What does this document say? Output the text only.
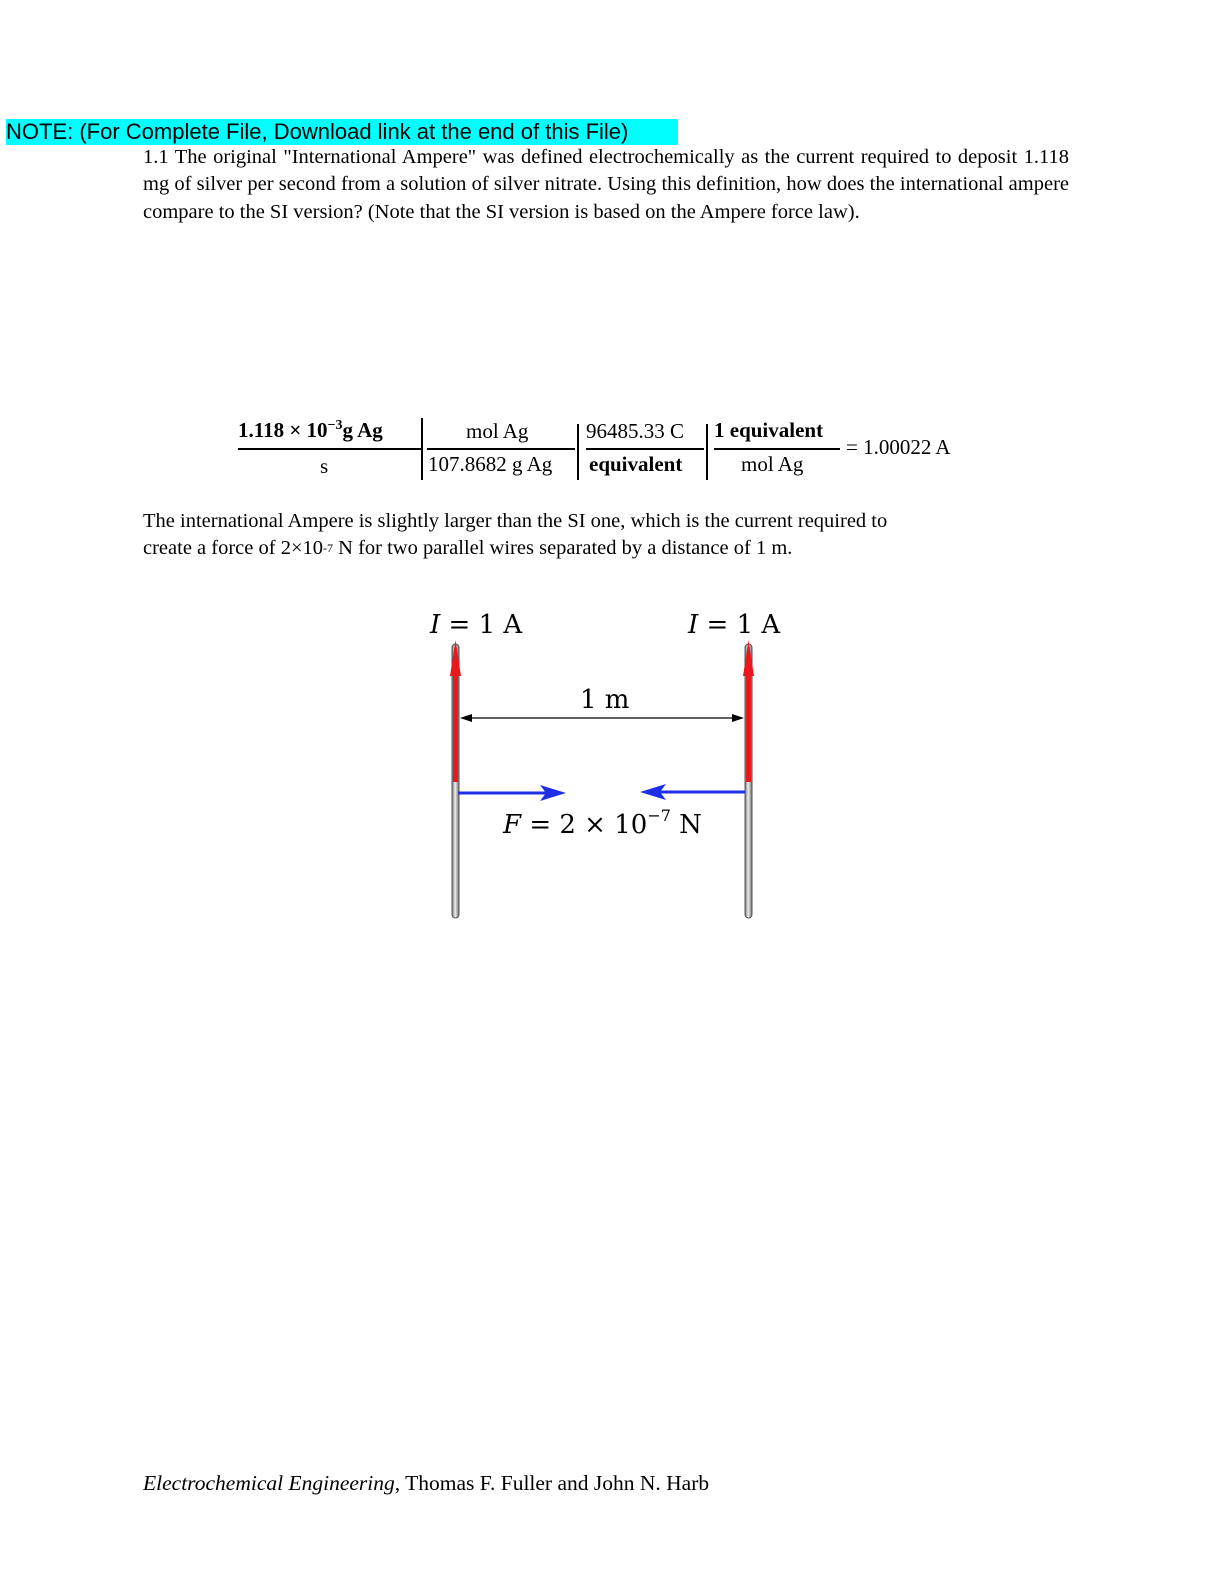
NOTE: (For Complete File, Download link at the end of this File)
1.1 The original "International Ampere" was defined electrochemically as the current required to deposit 1.118 mg of silver per second from a solution of silver nitrate. Using this definition, how does the international ampere compare to the SI version? (Note that the SI version is based on the Ampere force law).
$1.118 \times 10^{-3}g$ Ag
s
mol Ag
107.8682 g Ag
96485.33 C
equivalent
1 equivalent
mol Ag
= 1.00022 A
The international Ampere is slightly larger than the SI one, which is the current required to
create a force of $2\times 10^{-7}$ N for two parallel wires separated by a distance of 1 m.
I = 1 A	I = 1 A
1 m
$F = 2 \times 10^{-7}$ N
Electrochemical Engineering, Thomas F. Fuller and John N. Harb
